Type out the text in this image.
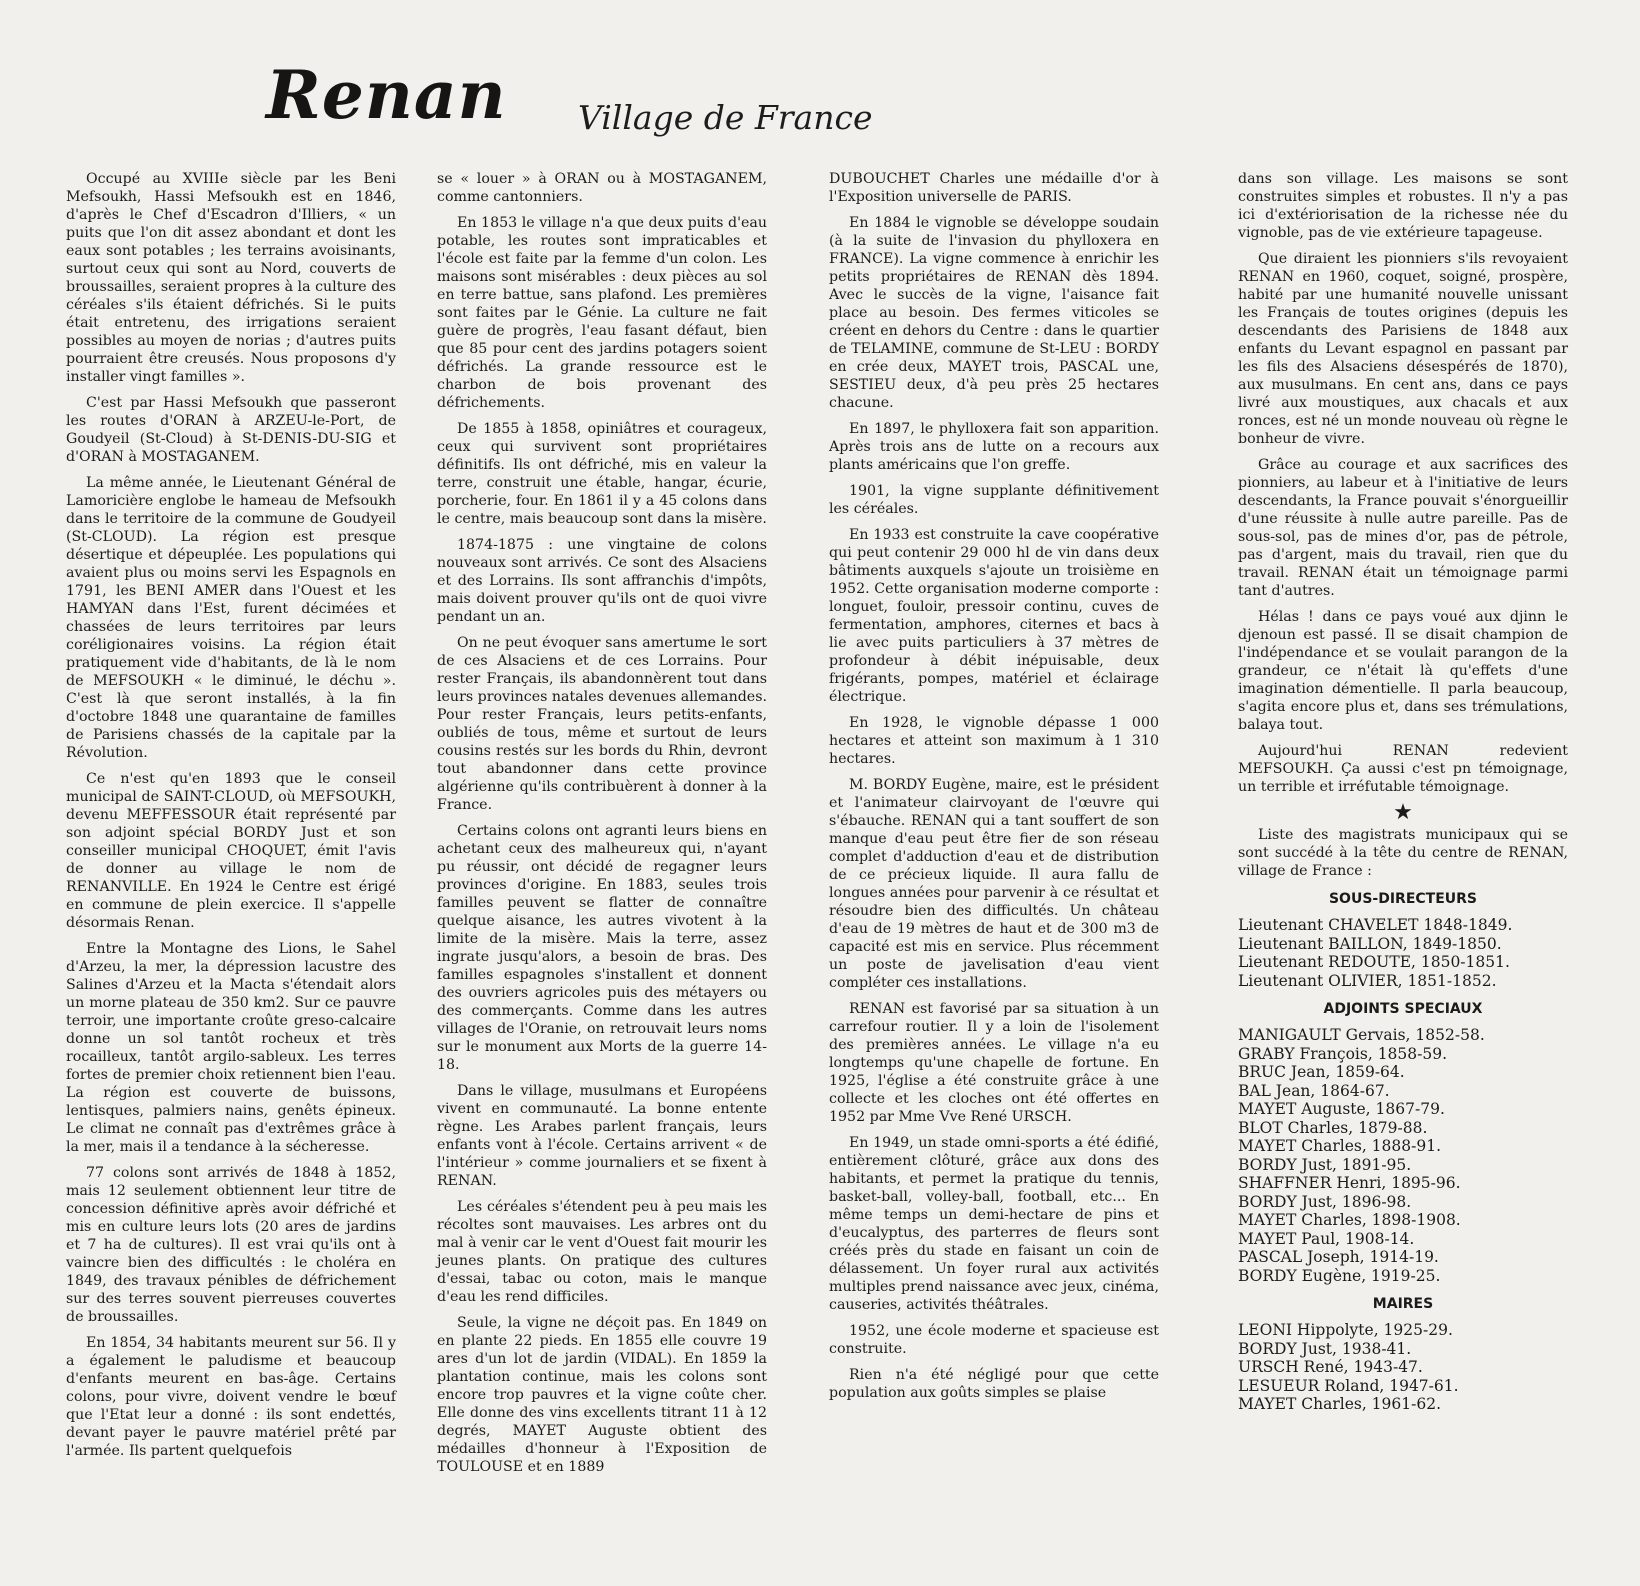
Renan Village de France

Occupé au XVIIIe siècle par les Beni Mefsoukh, Hassi Mefsoukh est en 1846, d'après le Chef d'Escadron d'Illiers, « un puits que l'on dit assez abondant et dont les eaux sont potables ; les terrains avoisinants, surtout ceux qui sont au Nord, couverts de broussailles, seraient propres à la culture des céréales s'ils étaient défrichés. Si le puits était entretenu, des irrigations seraient possibles au moyen de norias ; d'autres puits pourraient être creusés. Nous proposons d'y installer vingt familles ».

C'est par Hassi Mefsoukh que passeront les routes d'ORAN à ARZEU-le-Port, de Goudyeil (St-Cloud) à St-DENIS-DU-SIG et d'ORAN à MOSTAGANEM.

La même année, le Lieutenant Général de Lamoricière englobe le hameau de Mefsoukh dans le territoire de la commune de Goudyeil (St-CLOUD). La région est presque désertique et dépeuplée. Les populations qui avaient plus ou moins servi les Espagnols en 1791, les BENI AMER dans l'Ouest et les HAMYAN dans l'Est, furent décimées et chassées de leurs territoires par leurs coréligionaires voisins. La région était pratiquement vide d'habitants, de là le nom de MEFSOUKH « le diminué, le déchu ». C'est là que seront installés, à la fin d'octobre 1848 une quarantaine de familles de Parisiens chassés de la capitale par la Révolution.

Ce n'est qu'en 1893 que le conseil municipal de SAINT-CLOUD, où MEFSOUKH, devenu MEFFESSOUR était représenté par son adjoint spécial BORDY Just et son conseiller municipal CHOQUET, émit l'avis de donner au village le nom de RENANVILLE. En 1924 le Centre est érigé en commune de plein exercice. Il s'appelle désormais Renan.

Entre la Montagne des Lions, le Sahel d'Arzeu, la mer, la dépression lacustre des Salines d'Arzeu et la Macta s'étendait alors un morne plateau de 350 km2. Sur ce pauvre terroir, une importante croûte greso-calcaire donne un sol tantôt rocheux et très rocailleux, tantôt argilo-sableux. Les terres fortes de premier choix retiennent bien l'eau. La région est couverte de buissons, lentisques, palmiers nains, genêts épineux. Le climat ne connaît pas d'extrêmes grâce à la mer, mais il a tendance à la sécheresse.

77 colons sont arrivés de 1848 à 1852, mais 12 seulement obtiennent leur titre de concession définitive après avoir défriché et mis en culture leurs lots (20 ares de jardins et 7 ha de cultures). Il est vrai qu'ils ont à vaincre bien des difficultés : le choléra en 1849, des travaux pénibles de défrichement sur des terres souvent pierreuses couvertes de broussailles.

En 1854, 34 habitants meurent sur 56. Il y a également le paludisme et beaucoup d'enfants meurent en bas-âge. Certains colons, pour vivre, doivent vendre le bœuf que l'Etat leur a donné : ils sont endettés, devant payer le pauvre matériel prêté par l'armée. Ils partent quelquefois

se « louer » à ORAN ou à MOSTAGANEM, comme cantonniers.

En 1853 le village n'a que deux puits d'eau potable, les routes sont impraticables et l'école est faite par la femme d'un colon. Les maisons sont misérables : deux pièces au sol en terre battue, sans plafond. Les premières sont faites par le Génie. La culture ne fait guère de progrès, l'eau fasant défaut, bien que 85 pour cent des jardins potagers soient défrichés. La grande ressource est le charbon de bois provenant des défrichements.

De 1855 à 1858, opiniâtres et courageux, ceux qui survivent sont propriétaires définitifs. Ils ont défriché, mis en valeur la terre, construit une étable, hangar, écurie, porcherie, four. En 1861 il y a 45 colons dans le centre, mais beaucoup sont dans la misère.

1874-1875 : une vingtaine de colons nouveaux sont arrivés. Ce sont des Alsaciens et des Lorrains. Ils sont affranchis d'impôts, mais doivent prouver qu'ils ont de quoi vivre pendant un an.

On ne peut évoquer sans amertume le sort de ces Alsaciens et de ces Lorrains. Pour rester Français, ils abandonnèrent tout dans leurs provinces natales devenues allemandes. Pour rester Français, leurs petits-enfants, oubliés de tous, même et surtout de leurs cousins restés sur les bords du Rhin, devront tout abandonner dans cette province algérienne qu'ils contribuèrent à donner à la France.

Certains colons ont agranti leurs biens en achetant ceux des malheureux qui, n'ayant pu réussir, ont décidé de regagner leurs provinces d'origine. En 1883, seules trois familles peuvent se flatter de connaître quelque aisance, les autres vivotent à la limite de la misère. Mais la terre, assez ingrate jusqu'alors, a besoin de bras. Des familles espagnoles s'installent et donnent des ouvriers agricoles puis des métayers ou des commerçants. Comme dans les autres villages de l'Oranie, on retrouvait leurs noms sur le monument aux Morts de la guerre 14-18.

Dans le village, musulmans et Européens vivent en communauté. La bonne entente règne. Les Arabes parlent français, leurs enfants vont à l'école. Certains arrivent « de l'intérieur » comme journaliers et se fixent à RENAN.

Les céréales s'étendent peu à peu mais les récoltes sont mauvaises. Les arbres ont du mal à venir car le vent d'Ouest fait mourir les jeunes plants. On pratique des cultures d'essai, tabac ou coton, mais le manque d'eau les rend difficiles.

Seule, la vigne ne déçoit pas. En 1849 on en plante 22 pieds. En 1855 elle couvre 19 ares d'un lot de jardin (VIDAL). En 1859 la plantation continue, mais les colons sont encore trop pauvres et la vigne coûte cher. Elle donne des vins excellents titrant 11 à 12 degrés, MAYET Auguste obtient des médailles d'honneur à l'Exposition de TOULOUSE et en 1889

DUBOUCHET Charles une médaille d'or à l'Exposition universelle de PARIS.

En 1884 le vignoble se développe soudain (à la suite de l'invasion du phylloxera en FRANCE). La vigne commence à enrichir les petits propriétaires de RENAN dès 1894. Avec le succès de la vigne, l'aisance fait place au besoin. Des fermes viticoles se créent en dehors du Centre : dans le quartier de TELAMINE, commune de St-LEU : BORDY en crée deux, MAYET trois, PASCAL une, SESTIEU deux, d'à peu près 25 hectares chacune.

En 1897, le phylloxera fait son apparition. Après trois ans de lutte on a recours aux plants américains que l'on greffe.

1901, la vigne supplante définitivement les céréales.

En 1933 est construite la cave coopérative qui peut contenir 29 000 hl de vin dans deux bâtiments auxquels s'ajoute un troisième en 1952. Cette organisation moderne comporte : longuet, fouloir, pressoir continu, cuves de fermentation, amphores, citernes et bacs à lie avec puits particuliers à 37 mètres de profondeur à débit inépuisable, deux frigérants, pompes, matériel et éclairage électrique.

En 1928, le vignoble dépasse 1 000 hectares et atteint son maximum à 1 310 hectares.

M. BORDY Eugène, maire, est le président et l'animateur clairvoyant de l'œuvre qui s'ébauche. RENAN qui a tant souffert de son manque d'eau peut être fier de son réseau complet d'adduction d'eau et de distribution de ce précieux liquide. Il aura fallu de longues années pour parvenir à ce résultat et résoudre bien des difficultés. Un château d'eau de 19 mètres de haut et de 300 m3 de capacité est mis en service. Plus récemment un poste de javelisation d'eau vient compléter ces installations.

RENAN est favorisé par sa situation à un carrefour routier. Il y a loin de l'isolement des premières années. Le village n'a eu longtemps qu'une chapelle de fortune. En 1925, l'église a été construite grâce à une collecte et les cloches ont été offertes en 1952 par Mme Vve René URSCH.

En 1949, un stade omni-sports a été édifié, entièrement clôturé, grâce aux dons des habitants, et permet la pratique du tennis, basket-ball, volley-ball, football, etc... En même temps un demi-hectare de pins et d'eucalyptus, des parterres de fleurs sont créés près du stade en faisant un coin de délassement. Un foyer rural aux activités multiples prend naissance avec jeux, cinéma, causeries, activités théâtrales.

1952, une école moderne et spacieuse est construite.

Rien n'a été négligé pour que cette population aux goûts simples se plaise

dans son village. Les maisons se sont construites simples et robustes. Il n'y a pas ici d'extériorisation de la richesse née du vignoble, pas de vie extérieure tapageuse.

Que diraient les pionniers s'ils revoyaient RENAN en 1960, coquet, soigné, prospère, habité par une humanité nouvelle unissant les Français de toutes origines (depuis les descendants des Parisiens de 1848 aux enfants du Levant espagnol en passant par les fils des Alsaciens désespérés de 1870), aux musulmans. En cent ans, dans ce pays livré aux moustiques, aux chacals et aux ronces, est né un monde nouveau où règne le bonheur de vivre.

Grâce au courage et aux sacrifices des pionniers, au labeur et à l'initiative de leurs descendants, la France pouvait s'énorgueillir d'une réussite à nulle autre pareille. Pas de sous-sol, pas de mines d'or, pas de pétrole, pas d'argent, mais du travail, rien que du travail. RENAN était un témoignage parmi tant d'autres.

Hélas ! dans ce pays voué aux djinn le djenoun est passé. Il se disait champion de l'indépendance et se voulait parangon de la grandeur, ce n'était là qu'effets d'une imagination démentielle. Il parla beaucoup, s'agita encore plus et, dans ses trémulations, balaya tout.

Aujourd'hui RENAN redevient MEFSOUKH. Ça aussi c'est pn témoignage, un terrible et irréfutable témoignage.

★

Liste des magistrats municipaux qui se sont succédé à la tête du centre de RENAN, village de France :

SOUS-DIRECTEURS
Lieutenant CHAVELET 1848-1849.
Lieutenant BAILLON, 1849-1850.
Lieutenant REDOUTE, 1850-1851.
Lieutenant OLIVIER, 1851-1852.
ADJOINTS SPECIAUX
MANIGAULT Gervais, 1852-58.
GRABY François, 1858-59.
BRUC Jean, 1859-64.
BAL Jean, 1864-67.
MAYET Auguste, 1867-79.
BLOT Charles, 1879-88.
MAYET Charles, 1888-91.
BORDY Just, 1891-95.
SHAFFNER Henri, 1895-96.
BORDY Just, 1896-98.
MAYET Charles, 1898-1908.
MAYET Paul, 1908-14.
PASCAL Joseph, 1914-19.
BORDY Eugène, 1919-25.
MAIRES
LEONI Hippolyte, 1925-29.
BORDY Just, 1938-41.
URSCH René, 1943-47.
LESUEUR Roland, 1947-61.
MAYET Charles, 1961-62.
